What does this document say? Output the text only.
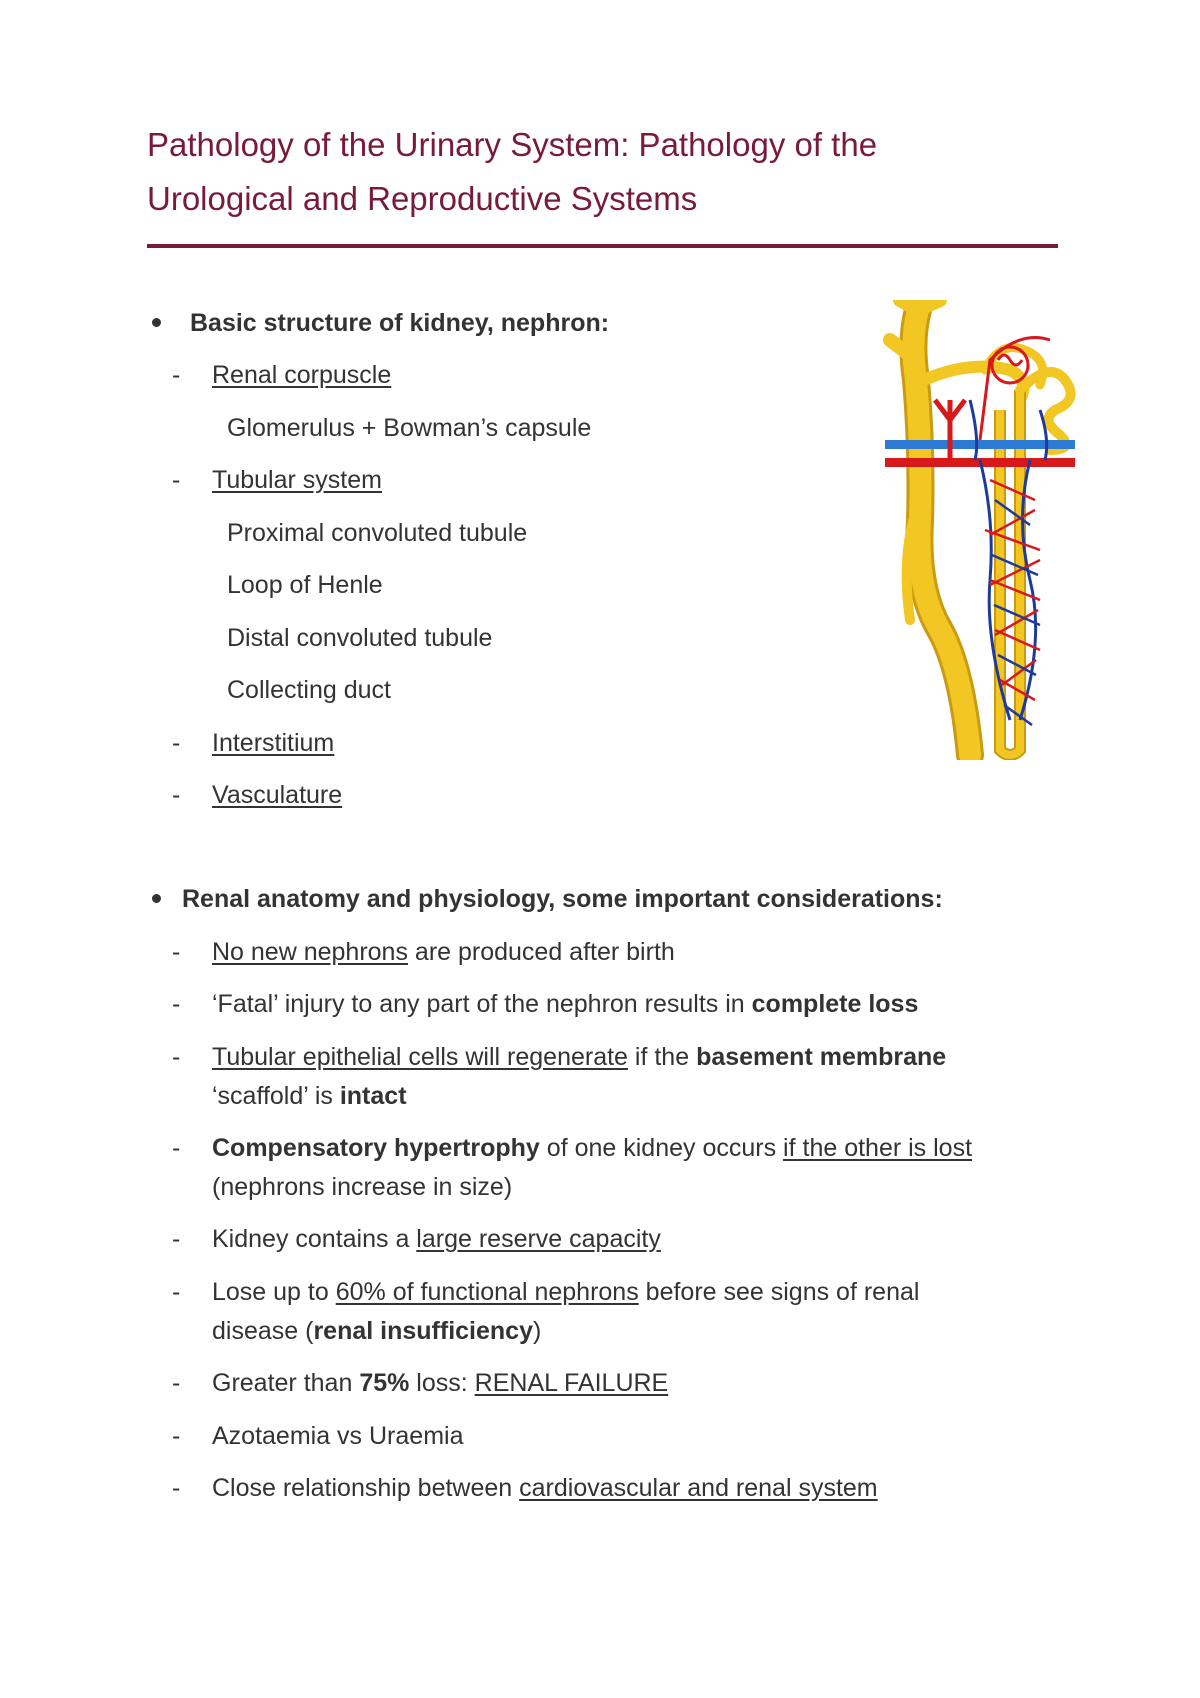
Pathology of the Urinary System: Pathology of the
Urological and Reproductive Systems
Basic structure of kidney, nephron:
- Renal corpuscle
Glomerulus + Bowman’s capsule
- Tubular system
Proximal convoluted tubule
Loop of Henle
Distal convoluted tubule
Collecting duct
- Interstitium
- Vasculature
Renal anatomy and physiology, some important considerations:
- No new nephrons are produced after birth
- ‘Fatal’ injury to any part of the nephron results in complete loss
- Tubular epithelial cells will regenerate if the basement membrane
‘scaffold’ is intact
- Compensatory hypertrophy of one kidney occurs if the other is lost
(nephrons increase in size)
- Kidney contains a large reserve capacity
- Lose up to 60% of functional nephrons before see signs of renal
disease (renal insufficiency)
- Greater than 75% loss: RENAL FAILURE
- Azotaemia vs Uraemia
- Close relationship between cardiovascular and renal system
